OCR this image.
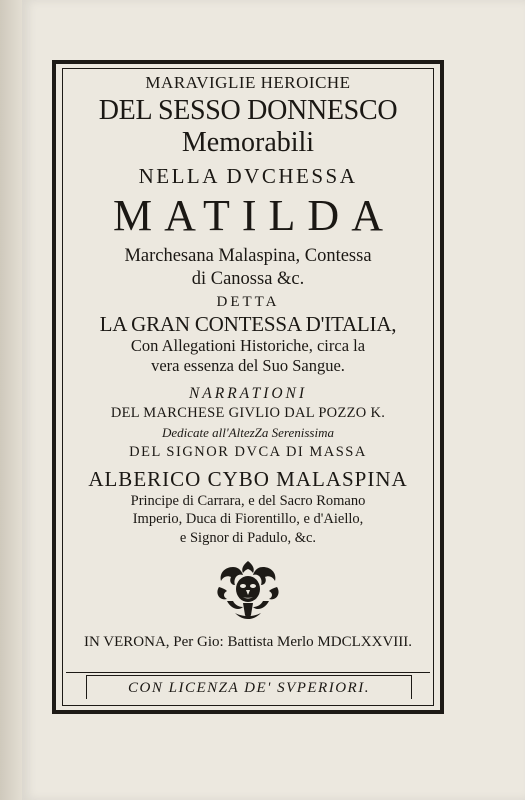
MARAVIGLIE HEROICHE
DEL SESSO DONNESCO
Memorabili
NELLA DVCHESSA
MATILDA
Marchesana Malaspina, Contessa
di Canossa &c.
DETTA
LA GRAN CONTESSA D'ITALIA,
Con Allegationi Historiche, circa la
vera essenza del Suo Sangue.
NARRATIONI
DEL MARCHESE GIVLIO DAL POZZO K.
Dedicate all'AltezZa Serenissima
DEL SIGNOR DVCA DI MASSA
ALBERICO CYBO MALASPINA
Principe di Carrara, e del Sacro Romano
Imperio, Duca di Fiorentillo, e d'Aiello,
e Signor di Padulo, &c.
IN VERONA, Per Gio: Battista Merlo MDCLXXVIII.
CON LICENZA DE' SVPERIORI.
